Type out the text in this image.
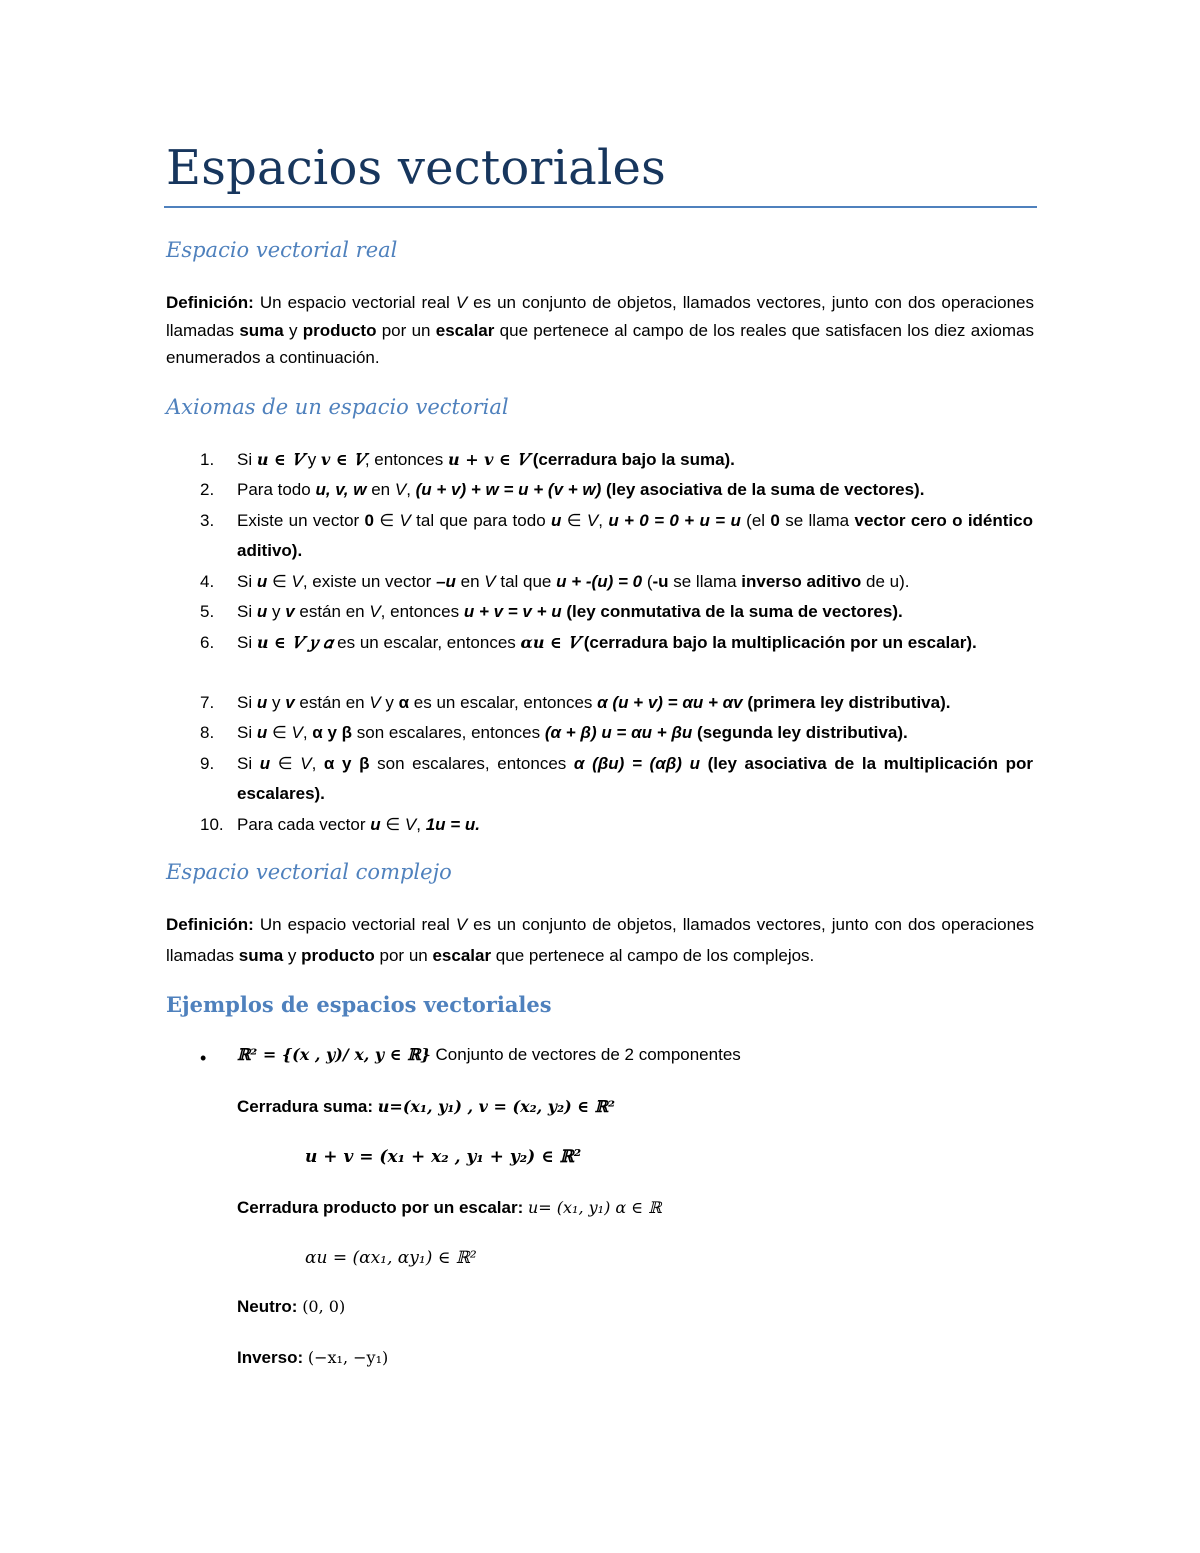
Espacios vectoriales
Espacio vectorial real
Definición: Un espacio vectorial real V es un conjunto de objetos, llamados vectores, junto con dos operaciones llamadas suma y producto por un escalar que pertenece al campo de los reales que satisfacen los diez axiomas enumerados a continuación.
Axiomas de un espacio vectorial
1. Si 𝒖 ∈ 𝑉 y 𝒗 ∈ 𝑉, entonces 𝒖 + 𝒗 ∈ 𝑉 (cerradura bajo la suma).
2. Para todo u, v, w en V, (u + v) + w = u + (v + w) (ley asociativa de la suma de vectores).
3. Existe un vector 0 ∈ V tal que para todo u ∈ V, u + 0 = 0 + u = u (el 0 se llama vector cero o idéntico aditivo).
4. Si u ∈ V, existe un vector –u en V tal que u + -(u) = 0 (-u se llama inverso aditivo de u).
5. Si u y v están en V, entonces u + v = v + u (ley conmutativa de la suma de vectores).
6. Si 𝒖 ∈ 𝑉 𝑦 𝛼 es un escalar, entonces α𝒖 ∈ 𝑉 (cerradura bajo la multiplicación por un escalar).
7. Si u y v están en V y α es un escalar, entonces α (u + v) = αu + αv (primera ley distributiva).
8. Si u ∈ V, α y β son escalares, entonces (α + β) u = αu + βu (segunda ley distributiva).
9. Si u ∈ V, α y β son escalares, entonces α (βu) = (αβ) u (ley asociativa de la multiplicación por escalares).
10. Para cada vector u ∈ V, 1u = u.
Espacio vectorial complejo
Definición: Un espacio vectorial real V es un conjunto de objetos, llamados vectores, junto con dos operaciones llamadas suma y producto por un escalar que pertenece al campo de los complejos.
Ejemplos de espacios vectoriales
• ℝ² = {(𝒙 , 𝒚)/ 𝒙, 𝒚 ∈ ℝ} Conjunto de vectores de 2 componentes
Cerradura suma: u=(x₁, y₁) , v = (x₂, y₂) ∈ ℝ²
u + v = (x₁ + x₂ , y₁ + y₂) ∈ ℝ²
Cerradura producto por un escalar: u= (x₁, y₁) α ∈ ℝ
αu = (αx₁, αy₁) ∈ ℝ²
Neutro: (0, 0)
Inverso: (−x₁, −y₁)
